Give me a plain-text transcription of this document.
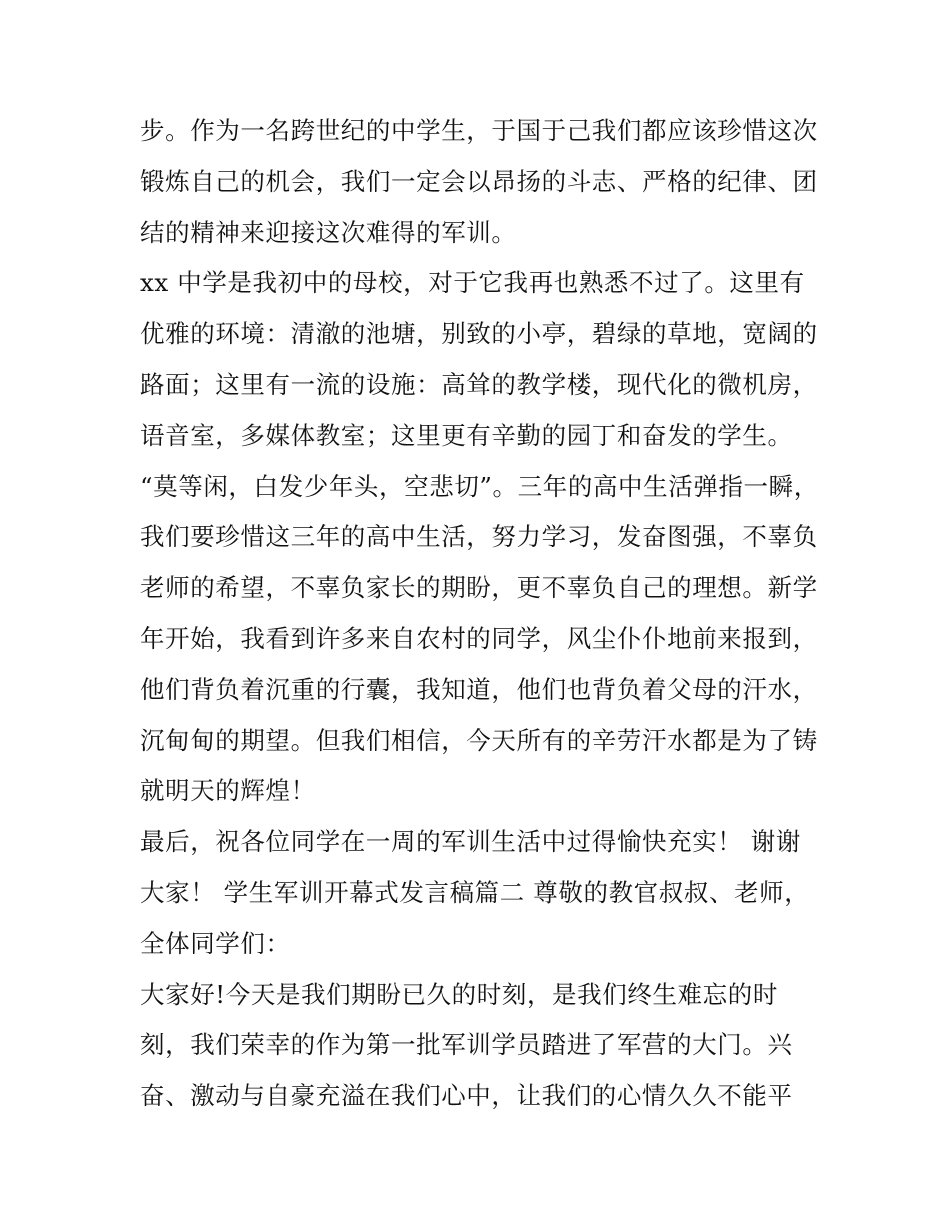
步。作为一名跨世纪的中学生，于国于己我们都应该珍惜这次
锻炼自己的机会，我们一定会以昂扬的斗志、严格的纪律、团
结的精神来迎接这次难得的军训。
xx 中学是我初中的母校，对于它我再也熟悉不过了。这里有
优雅的环境：清澈的池塘，别致的小亭，碧绿的草地，宽阔的
路面；这里有一流的设施：高耸的教学楼，现代化的微机房，
语音室，多媒体教室；这里更有辛勤的园丁和奋发的学生。
“莫等闲，白发少年头，空悲切”。三年的高中生活弹指一瞬，
我们要珍惜这三年的高中生活，努力学习，发奋图强，不辜负
老师的希望，不辜负家长的期盼，更不辜负自己的理想。新学
年开始，我看到许多来自农村的同学，风尘仆仆地前来报到，
他们背负着沉重的行囊，我知道，他们也背负着父母的汗水，
沉甸甸的期望。但我们相信，今天所有的辛劳汗水都是为了铸
就明天的辉煌！
最后，祝各位同学在一周的军训生活中过得愉快充实！ 谢谢
大家！ 学生军训开幕式发言稿篇二 尊敬的教官叔叔、老师，
全体同学们：
大家好!今天是我们期盼已久的时刻，是我们终生难忘的时
刻，我们荣幸的作为第一批军训学员踏进了军营的大门。兴
奋、激动与自豪充溢在我们心中，让我们的心情久久不能平
